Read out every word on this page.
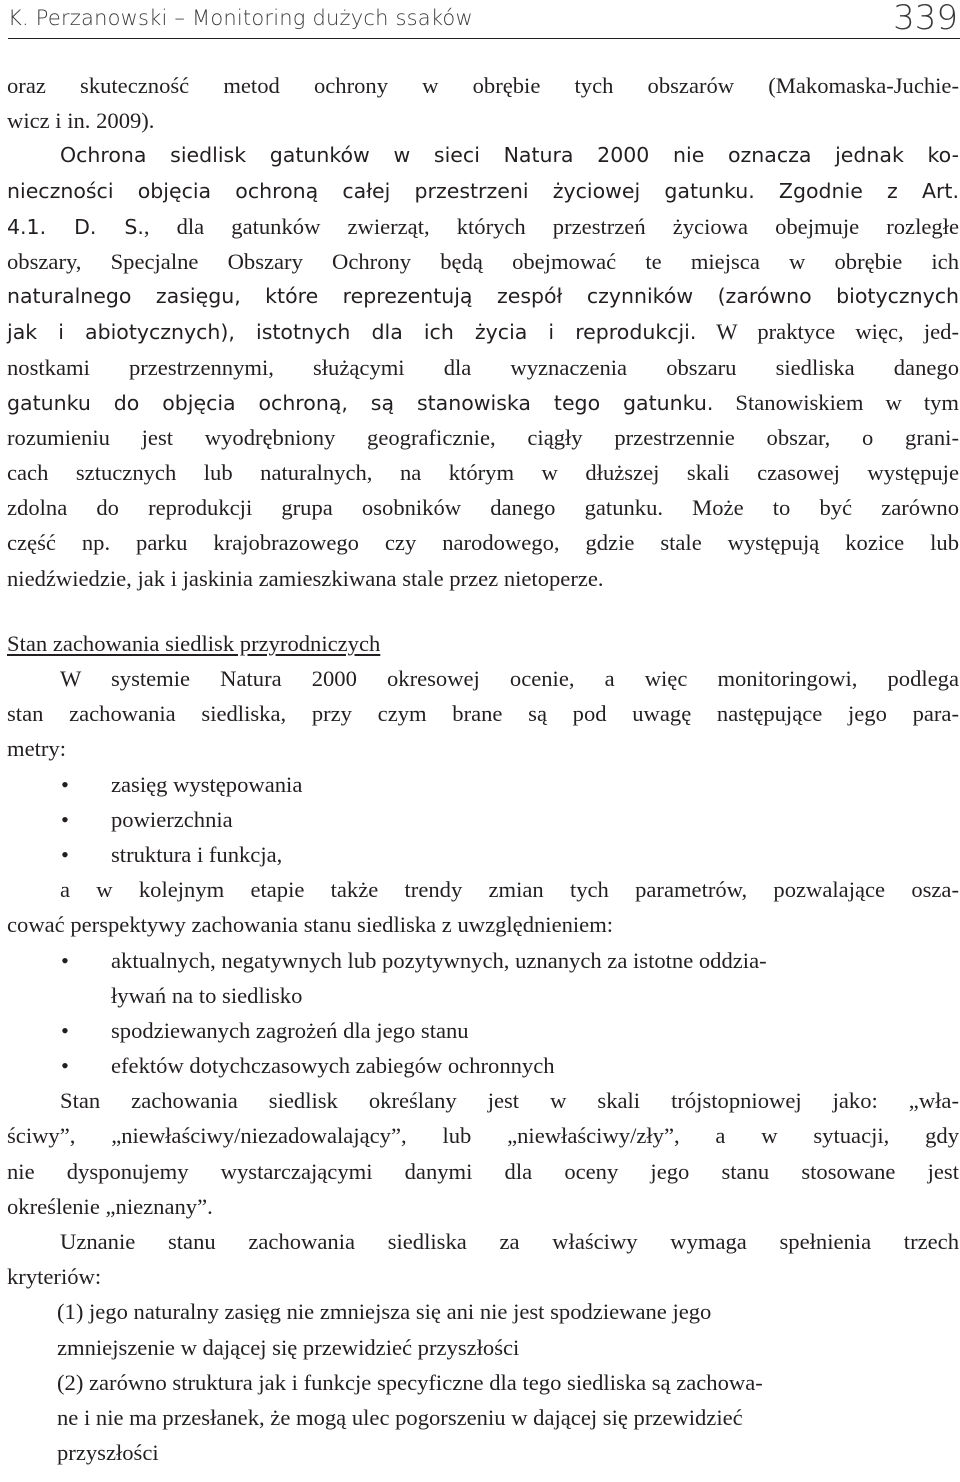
K. Perzanowski – Monitoring dużych ssaków	339
oraz skuteczność metod ochrony w obrębie tych obszarów (Makomaska-Juchie-
wicz i in. 2009).
Ochrona siedlisk gatunków w sieci Natura 2000 nie oznacza jednak ko-
nieczności objęcia ochroną całej przestrzeni życiowej gatunku. Zgodnie z Art.
4.1. D. S., dla gatunków zwierząt, których przestrzeń życiowa obejmuje rozległe
obszary, Specjalne Obszary Ochrony będą obejmować te miejsca w obrębie ich
naturalnego zasięgu, które reprezentują zespół czynników (zarówno biotycznych
jak i abiotycznych), istotnych dla ich życia i reprodukcji. W praktyce więc, jed-
nostkami przestrzennymi, służącymi dla wyznaczenia obszaru siedliska danego
gatunku do objęcia ochroną, są stanowiska tego gatunku. Stanowiskiem w tym
rozumieniu jest wyodrębniony geograficznie, ciągły przestrzennie obszar, o grani-
cach sztucznych lub naturalnych, na którym w dłuższej skali czasowej występuje
zdolna do reprodukcji grupa osobników danego gatunku. Może to być zarówno
część np. parku krajobrazowego czy narodowego, gdzie stale występują kozice lub
niedźwiedzie, jak i jaskinia zamieszkiwana stale przez nietoperze.
Stan zachowania siedlisk przyrodniczych
W systemie Natura 2000 okresowej ocenie, a więc monitoringowi, podlega
stan zachowania siedliska, przy czym brane są pod uwagę następujące jego para-
metry:
• zasięg występowania
• powierzchnia
• struktura i funkcja,
a w kolejnym etapie także trendy zmian tych parametrów, pozwalające osza-
cować perspektywy zachowania stanu siedliska z uwzględnieniem:
• aktualnych, negatywnych lub pozytywnych, uznanych za istotne oddzia-
ływań na to siedlisko
• spodziewanych zagrożeń dla jego stanu
• efektów dotychczasowych zabiegów ochronnych
Stan zachowania siedlisk określany jest w skali trójstopniowej jako: „wła-
ściwy”, „niewłaściwy/niezadowalający”, lub „niewłaściwy/zły”, a w sytuacji, gdy
nie dysponujemy wystarczającymi danymi dla oceny jego stanu stosowane jest
określenie „nieznany”.
Uznanie stanu zachowania siedliska za właściwy wymaga spełnienia trzech
kryteriów:
(1) jego naturalny zasięg nie zmniejsza się ani nie jest spodziewane jego
zmniejszenie w dającej się przewidzieć przyszłości
(2) zarówno struktura jak i funkcje specyficzne dla tego siedliska są zachowa-
ne i nie ma przesłanek, że mogą ulec pogorszeniu w dającej się przewidzieć
przyszłości
